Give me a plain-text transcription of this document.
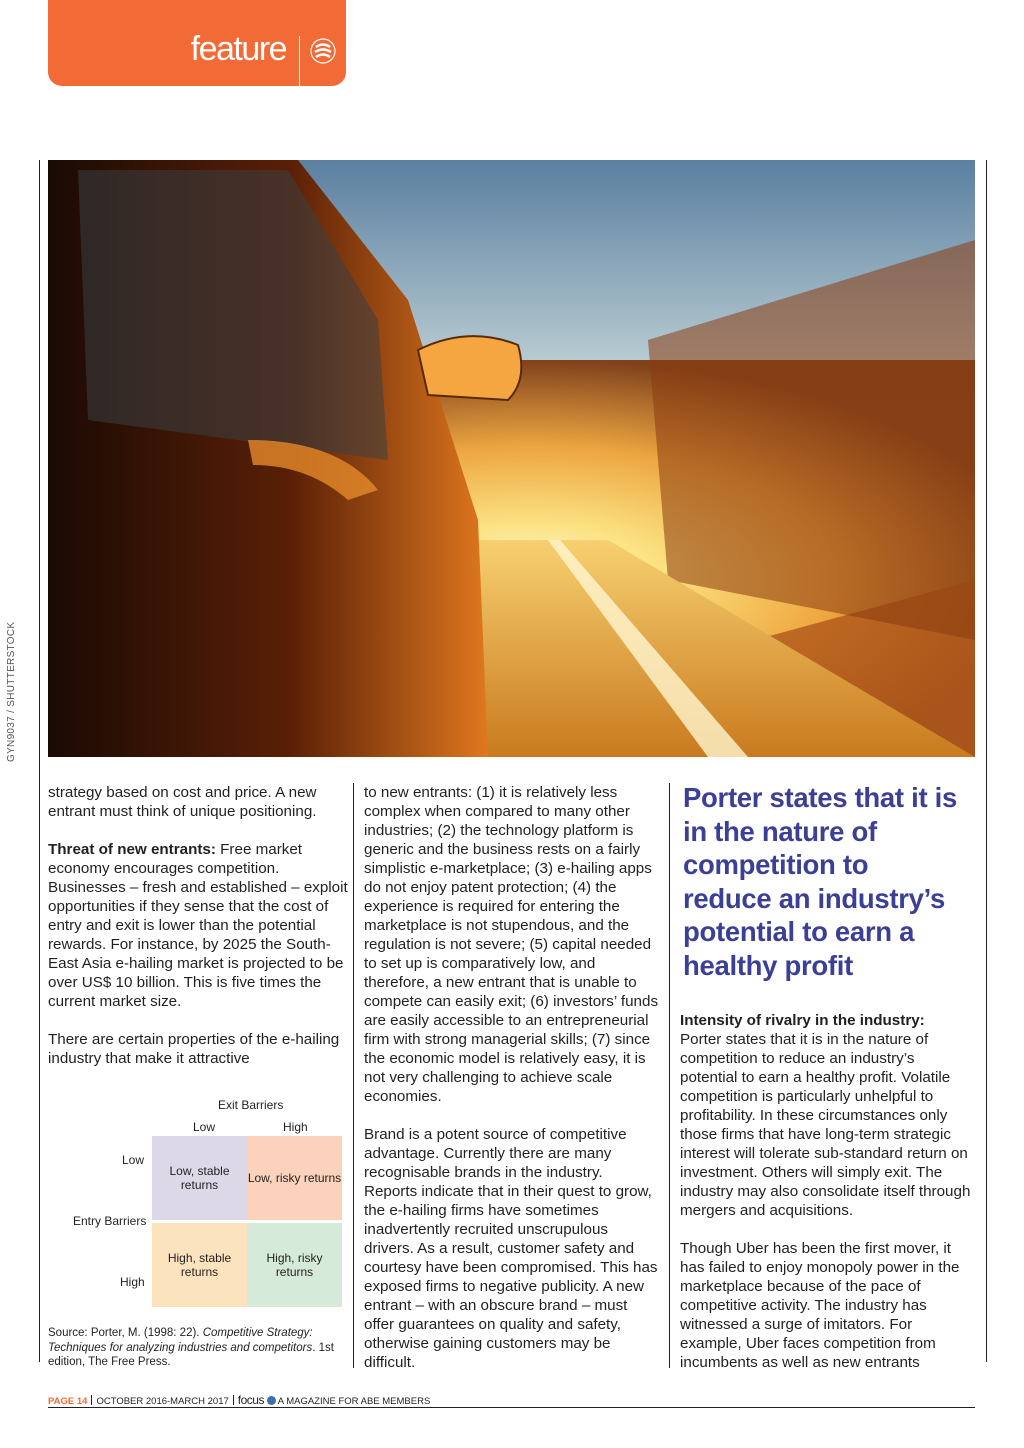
feature
GYN9037 / SHUTTERSTOCK

strategy based on cost and price. A new entrant must think of unique positioning.

Threat of new entrants: Free market economy encourages competition. Businesses – fresh and established – exploit opportunities if they sense that the cost of entry and exit is lower than the potential rewards. For instance, by 2025 the South-East Asia e-hailing market is projected to be over US$ 10 billion. This is five times the current market size.

There are certain properties of the e-hailing industry that make it attractive

Exit Barriers
Low	High
Low
Entry Barriers
High
Low, stable returns	Low, risky returns
High, stable returns
High, risky returns
Source: Porter, M. (1998: 22). Competitive Strategy: Techniques for analyzing industries and competitors. 1st edition, The Free Press.

to new entrants: (1) it is relatively less complex when compared to many other industries; (2) the technology platform is generic and the business rests on a fairly simplistic e-marketplace; (3) e-hailing apps do not enjoy patent protection; (4) the experience is required for entering the marketplace is not stupendous, and the regulation is not severe; (5) capital needed to set up is comparatively low, and therefore, a new entrant that is unable to compete can easily exit; (6) investors’ funds are easily accessible to an entrepreneurial firm with strong managerial skills; (7) since the economic model is relatively easy, it is not very challenging to achieve scale economies.

Brand is a potent source of competitive advantage. Currently there are many recognisable brands in the industry. Reports indicate that in their quest to grow, the e-hailing firms have sometimes inadvertently recruited unscrupulous drivers. As a result, customer safety and courtesy have been compromised. This has exposed firms to negative publicity. A new entrant – with an obscure brand – must offer guarantees on quality and safety, otherwise gaining customers may be difficult.

Porter states that it is in the nature of competition to reduce an industry’s potential to earn a healthy profit

Intensity of rivalry in the industry:
Porter states that it is in the nature of competition to reduce an industry’s potential to earn a healthy profit. Volatile competition is particularly unhelpful to profitability. In these circumstances only those firms that have long-term strategic interest will tolerate sub-standard return on investment. Others will simply exit. The industry may also consolidate itself through mergers and acquisitions.

Though Uber has been the first mover, it has failed to enjoy monopoly power in the marketplace because of the pace of competitive activity. The industry has witnessed a surge of imitators. For example, Uber faces competition from incumbents as well as new entrants

PAGE 14 OCTOBER 2016-MARCH 2017 focus A MAGAZINE FOR ABE MEMBERS
